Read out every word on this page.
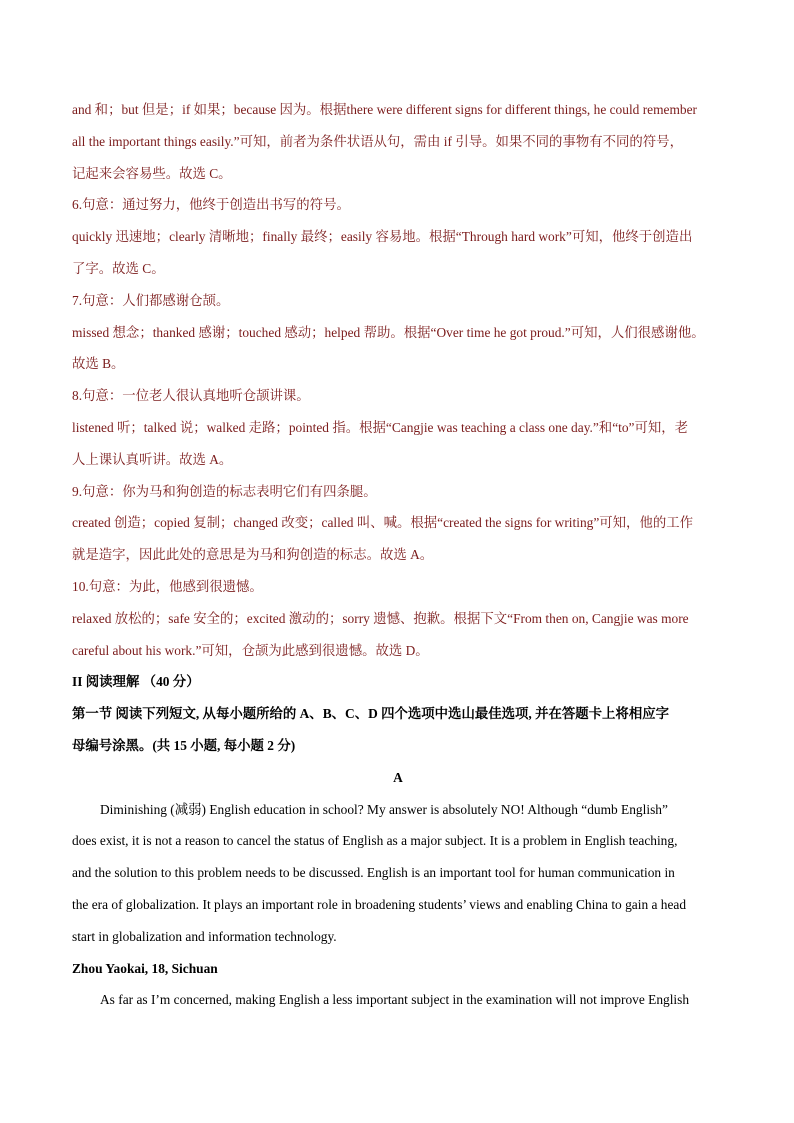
and 和；but 但是；if 如果；because 因为。根据there were different signs for different things, he could remember
all the important things easily.”可知，前者为条件状语从句，需由 if 引导。如果不同的事物有不同的符号，
记起来会容易些。故选 C。
6.句意：通过努力，他终于创造出书写的符号。
quickly 迅速地；clearly 清晰地；finally 最终；easily 容易地。根据“Through hard work”可知，他终于创造出
了字。故选 C。
7.句意：人们都感谢仓颉。
missed 想念；thanked 感谢；touched 感动；helped 帮助。根据“Over time he got proud.”可知，人们很感谢他。
故选 B。
8.句意：一位老人很认真地听仓颉讲课。
listened 听；talked 说；walked 走路；pointed 指。根据“Cangjie was teaching a class one day.”和“to”可知，老
人上课认真听讲。故选 A。
9.句意：你为马和狗创造的标志表明它们有四条腿。
created 创造；copied 复制；changed 改变；called 叫、喊。根据“created the signs for writing”可知，他的工作
就是造字，因此此处的意思是为马和狗创造的标志。故选 A。
10.句意：为此，他感到很遗憾。
relaxed 放松的；safe 安全的；excited 激动的；sorry 遗憾、抱歉。根据下文“From then on, Cangjie was more
careful about his work.”可知，仓颉为此感到很遗憾。故选 D。
II 阅读理解 （40 分）
第一节 阅读下列短文, 从每小题所给的 A、B、C、D 四个选项中选山最佳选项, 并在答题卡上将相应字
母编号涂黑。(共 15 小题, 每小题 2 分)
A
Diminishing (减弱) English education in school? My answer is absolutely NO! Although “dumb English”
does exist, it is not a reason to cancel the status of English as a major subject. It is a problem in English teaching,
and the solution to this problem needs to be discussed. English is an important tool for human communication in
the era of globalization. It plays an important role in broadening students’ views and enabling China to gain a head
start in globalization and information technology.
Zhou Yaokai, 18, Sichuan
As far as I’m concerned, making English a less important subject in the examination will not improve English
